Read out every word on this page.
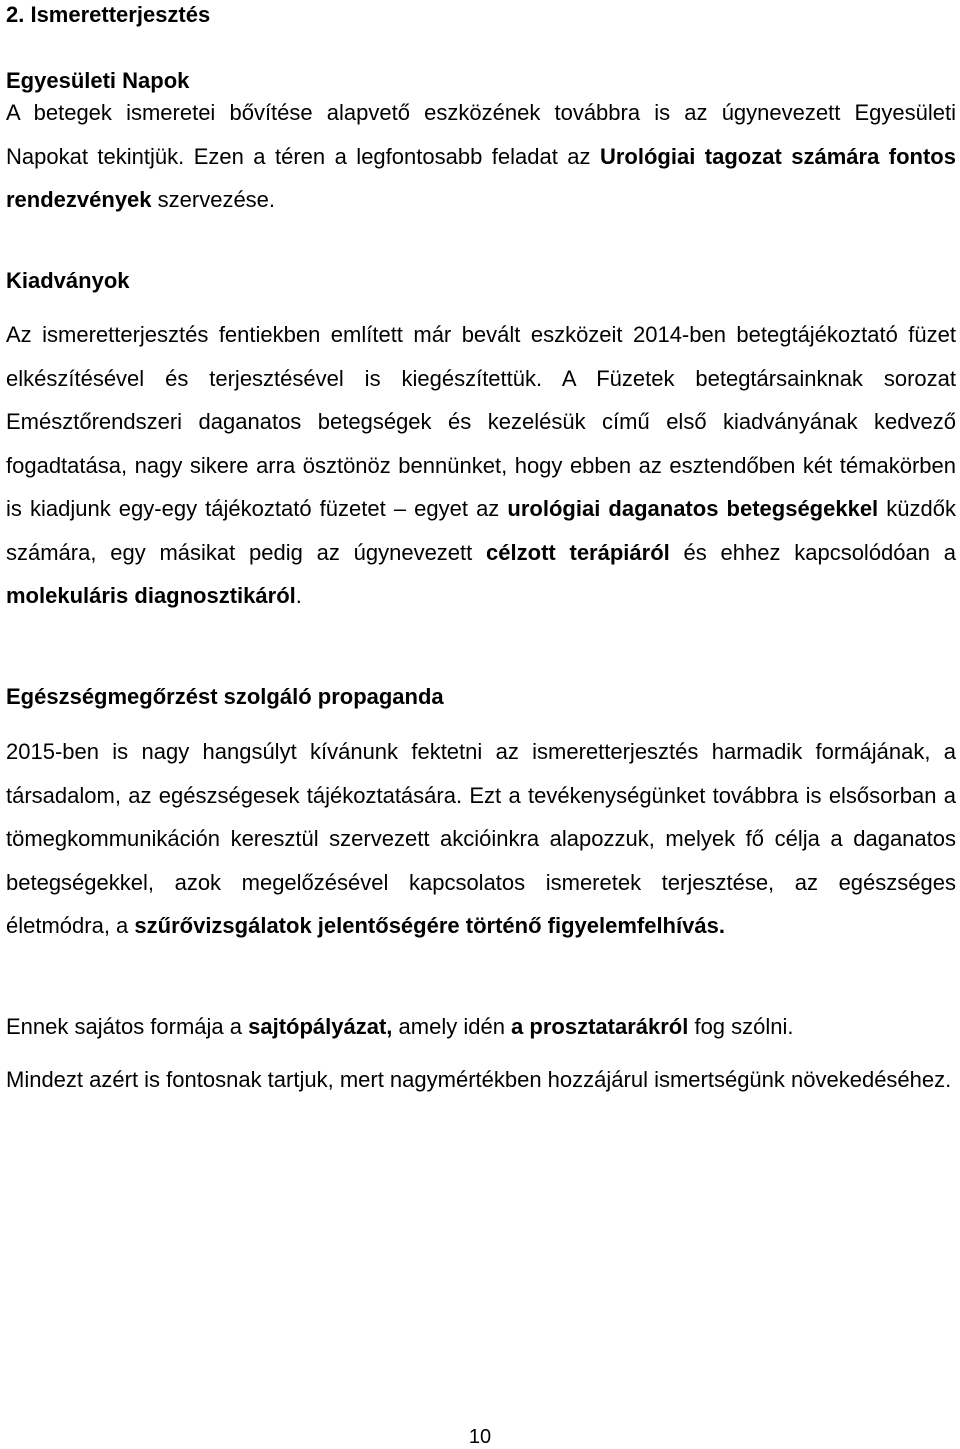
2. Ismeretterjesztés

Egyesületi Napok

A betegek ismeretei bővítése alapvető eszközének továbbra is az úgynevezett Egyesületi Napokat tekintjük. Ezen a téren a legfontosabb feladat az Urológiai tagozat számára fontos rendezvények szervezése.

Kiadványok

Az ismeretterjesztés fentiekben említett már bevált eszközeit 2014-ben betegtájékoztató füzet elkészítésével és terjesztésével is kiegészítettük. A Füzetek betegtársainknak sorozat Emésztőrendszeri daganatos betegségek és kezelésük című első kiadványának kedvező fogadtatása, nagy sikere arra ösztönöz bennünket, hogy ebben az esztendőben két témakörben is kiadjunk egy-egy tájékoztató füzetet – egyet az urológiai daganatos betegségekkel küzdők számára, egy másikat pedig az úgynevezett célzott terápiáról és ehhez kapcsolódóan a molekuláris diagnosztikáról.

Egészségmegőrzést szolgáló propaganda

2015-ben is nagy hangsúlyt kívánunk fektetni az ismeretterjesztés harmadik formájának, a társadalom, az egészségesek tájékoztatására. Ezt a tevékenységünket továbbra is elsősorban a tömegkommunikáción keresztül szervezett akcióinkra alapozzuk, melyek fő célja a daganatos betegségekkel, azok megelőzésével kapcsolatos ismeretek terjesztése, az egészséges életmódra, a szűrővizsgálatok jelentőségére történő figyelemfelhívás.

Ennek sajátos formája a sajtópályázat, amely idén a prosztatarákról fog szólni.

Mindezt azért is fontosnak tartjuk, mert nagymértékben hozzájárul ismertségünk növekedéséhez.

10
